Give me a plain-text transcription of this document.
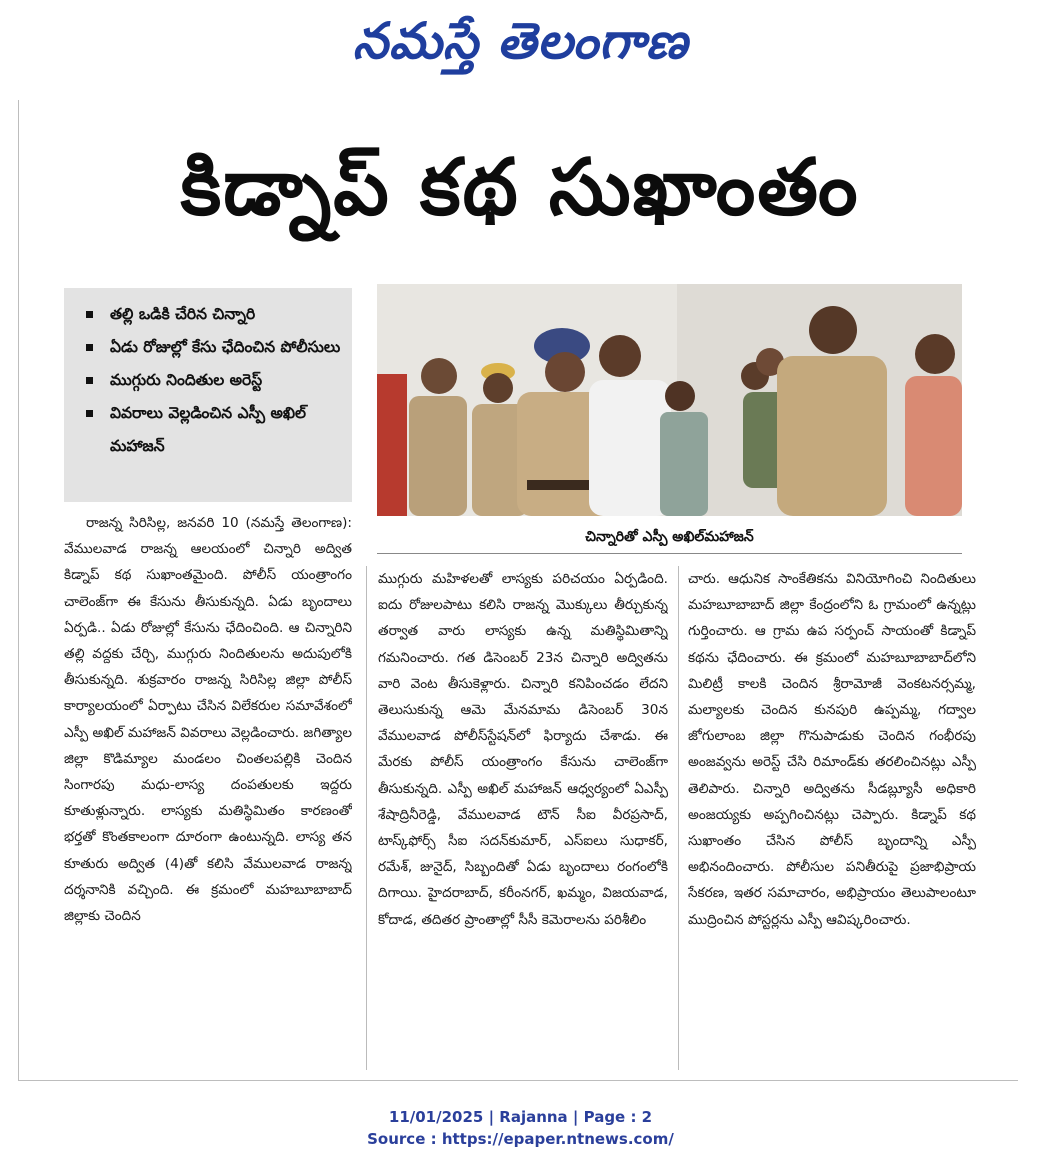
నమస్తే తెలంగాణ
కిడ్నాప్ కథ సుఖాంతం
తల్లి ఒడికి చేరిన చిన్నారి
ఏడు రోజుల్లో కేసు ఛేదించిన పోలీసులు
ముగ్గురు నిందితుల అరెస్ట్
వివరాలు వెల్లడించిన ఎస్పీ అఖిల్ మహాజన్
చిన్నారితో ఎస్పీ అఖిల్‌మహాజన్
రాజన్న సిరిసిల్ల, జనవరి 10 (నమస్తే తెలంగాణ): వేములవాడ రాజన్న ఆలయంలో చిన్నారి అద్విత కిడ్నాప్ కథ సుఖాంతమైంది. పోలీస్ యంత్రాంగం చాలెంజ్‌గా ఈ కేసును తీసుకున్నది. ఏడు బృందాలు ఏర్పడి.. ఏడు రోజుల్లో కేసును ఛేదించింది. ఆ చిన్నారిని తల్లి వద్దకు చేర్చి, ముగ్గురు నిందితులను అదుపులోకి తీసుకున్నది. శుక్రవారం రాజన్న సిరిసిల్ల జిల్లా పోలీస్ కార్యాలయంలో ఏర్పాటు చేసిన విలేకరుల సమావేశంలో ఎస్పీ అఖిల్ మహాజన్ వివరాలు వెల్లడించారు. జగిత్యాల జిల్లా కొడిమ్యాల మండలం చింతలపల్లికి చెందిన సింగారపు మధు-లాస్య దంపతులకు ఇద్దరు కూతుళ్లున్నారు. లాస్యకు మతిస్థిమితం కారణంతో భర్తతో కొంతకాలంగా దూరంగా ఉంటున్నది. లాస్య తన కూతురు అద్విత (4)తో కలిసి వేములవాడ రాజన్న దర్శనానికి వచ్చింది. ఈ క్రమంలో మహబూబాబాద్ జిల్లాకు చెందిన
ముగ్గురు మహిళలతో లాస్యకు పరిచయం ఏర్పడింది. ఐదు రోజులపాటు కలిసి రాజన్న మొక్కులు తీర్చుకున్న తర్వాత వారు లాస్యకు ఉన్న మతిస్థిమితాన్ని గమనించారు. గత డిసెంబర్ 23న చిన్నారి అద్వితను వారి వెంట తీసుకెళ్లారు. చిన్నారి కనిపించడం లేదని తెలుసుకున్న ఆమె మేనమామ డిసెంబర్ 30న వేములవాడ పోలీస్‌స్టేషన్‌లో ఫిర్యాదు చేశాడు. ఈ మేరకు పోలీస్ యంత్రాంగం కేసును చాలెంజ్‌గా తీసుకున్నది. ఎస్పీ అఖిల్ మహాజన్ ఆధ్వర్యంలో ఏఎస్పీ శేషాద్రినీరెడ్డి, వేములవాడ టౌన్ సీఐ వీరప్రసాద్, టాస్క్‌ఫోర్స్ సీఐ సదన్‌కుమార్, ఎస్‌ఐలు సుధాకర్, రమేశ్, జునైద్, సిబ్బందితో ఏడు బృందాలు రంగంలోకి దిగాయి. హైదరాబాద్, కరీంనగర్, ఖమ్మం, విజయవాడ, కోదాడ, తదితర ప్రాంతాల్లో సీసీ కెమెరాలను పరిశీలిం
చారు. ఆధునిక సాంకేతికను వినియోగించి నిందితులు మహబూబాబాద్ జిల్లా కేంద్రంలోని ఓ గ్రామంలో ఉన్నట్లు గుర్తించారు. ఆ గ్రామ ఉప సర్పంచ్ సాయంతో కిడ్నాప్ కథను ఛేదించారు. ఈ క్రమంలో మహబూబాబాద్‌లోని మిలిట్రీ కాలకి చెందిన శ్రీరామోజీ వెంకటనర్సమ్మ, మల్యాలకు చెందిన కునపురి ఉప్పమ్మ, గద్వాల జోగులాంబ జిల్లా గొనుపాడుకు చెందిన గంభీరపు అంజవ్వను అరెస్ట్ చేసి రిమాండ్‌కు తరలించినట్లు ఎస్పీ తెలిపారు. చిన్నారి అద్వితను సీడబ్ల్యూసీ అధికారి అంజయ్యకు అప్పగించినట్లు చెప్పారు. కిడ్నాప్ కథ సుఖాంతం చేసిన పోలీస్ బృందాన్ని ఎస్పీ అభినందించారు. పోలీసుల పనితీరుపై ప్రజాభిప్రాయ సేకరణ, ఇతర సమాచారం, అభిప్రాయం తెలుపాలంటూ ముద్రించిన పోస్టర్లను ఎస్పీ ఆవిష్కరించారు.
11/01/2025 | Rajanna | Page : 2
Source : https://epaper.ntnews.com/
